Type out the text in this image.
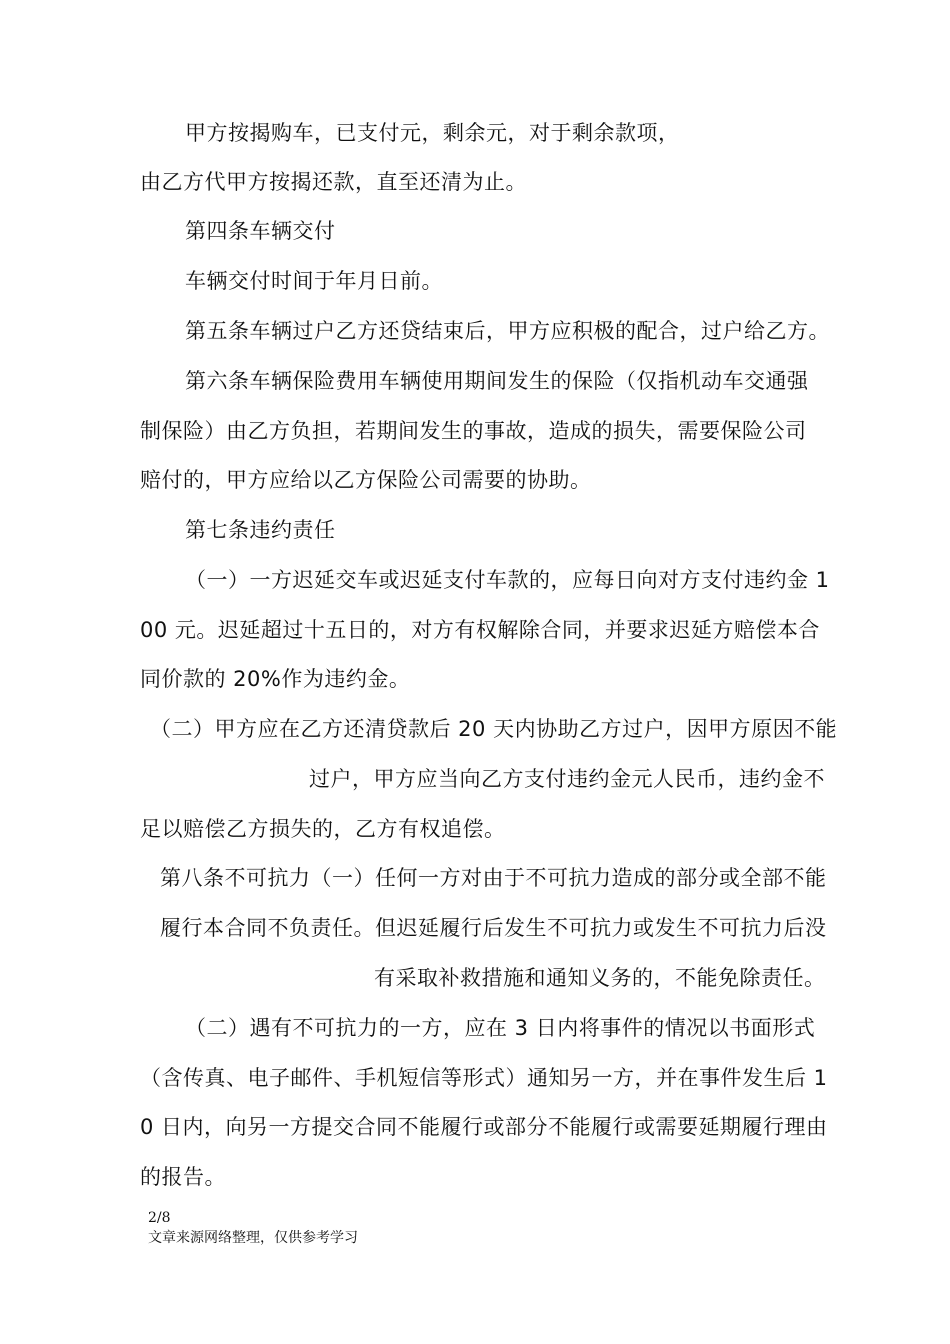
甲方按揭购车，已支付元，剩余元，对于剩余款项，
由乙方代甲方按揭还款，直至还清为止。
第四条车辆交付
车辆交付时间于年月日前。
第五条车辆过户乙方还贷结束后，甲方应积极的配合，过户给乙方。
第六条车辆保险费用车辆使用期间发生的保险（仅指机动车交通强
制保险）由乙方负担，若期间发生的事故，造成的损失，需要保险公司
赔付的，甲方应给以乙方保险公司需要的协助。
第七条违约责任
（一）一方迟延交车或迟延支付车款的，应每日向对方支付违约金 1
00 元。迟延超过十五日的，对方有权解除合同，并要求迟延方赔偿本合
同价款的 20%作为违约金。
（二）甲方应在乙方还清贷款后 20 天内协助乙方过户，因甲方原因不能
过户，甲方应当向乙方支付违约金元人民币，违约金不
足以赔偿乙方损失的，乙方有权追偿。
第八条不可抗力（一）任何一方对由于不可抗力造成的部分或全部不能
履行本合同不负责任。但迟延履行后发生不可抗力或发生不可抗力后没
有采取补救措施和通知义务的，不能免除责任。
（二）遇有不可抗力的一方，应在 3 日内将事件的情况以书面形式
（含传真、电子邮件、手机短信等形式）通知另一方，并在事件发生后 1
0 日内，向另一方提交合同不能履行或部分不能履行或需要延期履行理由
的报告。
2/8
文章来源网络整理，仅供参考学习
